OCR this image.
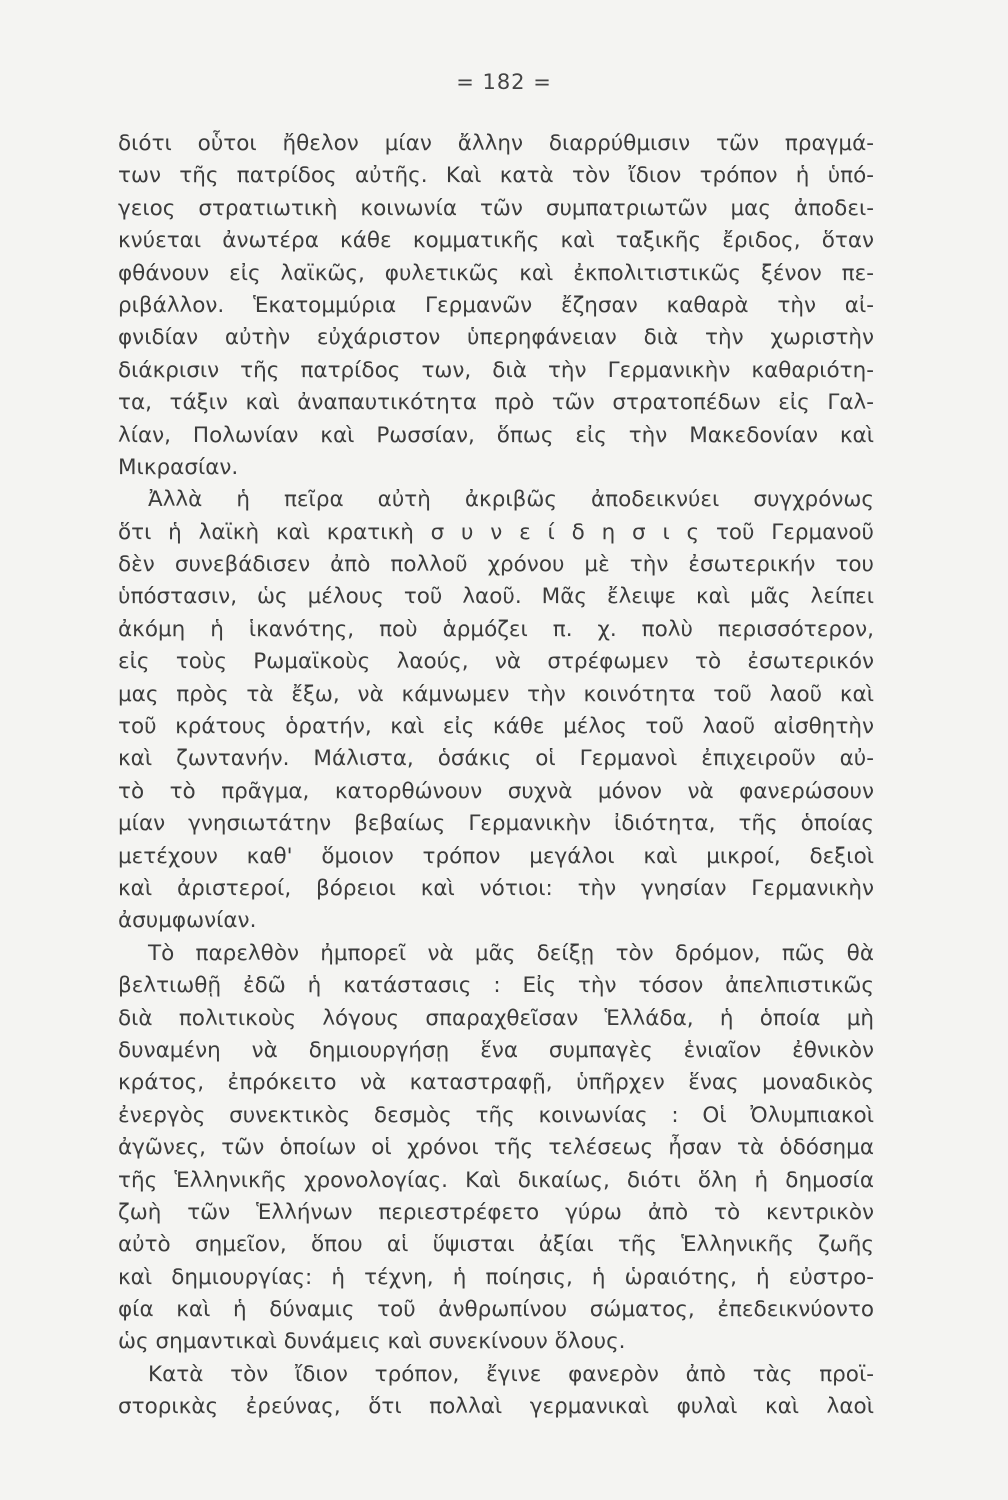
= 182 =
διότι οὗτοι ἤθελον μίαν ἄλλην διαρρύθμισιν τῶν πραγμά-
των τῆς πατρίδος αὐτῆς. Καὶ κατὰ τὸν ἴδιον τρόπον ἡ ὑπό-
γειος στρατιωτικὴ κοινωνία τῶν συμπατριωτῶν μας ἀποδει-
κνύεται ἀνωτέρα κάθε κομματικῆς καὶ ταξικῆς ἔριδος, ὅταν
φθάνουν εἰς λαϊκῶς, φυλετικῶς καὶ ἐκπολιτιστικῶς ξένον πε-
ριβάλλον. Ἑκατομμύρια Γερμανῶν ἔζησαν καθαρὰ τὴν αἰ-
φνιδίαν αὐτὴν εὐχάριστον ὑπερηφάνειαν διὰ τὴν χωριστὴν
διάκρισιν τῆς πατρίδος των, διὰ τὴν Γερμανικὴν καθαριότη-
τα, τάξιν καὶ ἀναπαυτικότητα πρὸ τῶν στρατοπέδων εἰς Γαλ-
λίαν, Πολωνίαν καὶ Ρωσσίαν, ὅπως εἰς τὴν Μακεδονίαν καὶ
Μικρασίαν.
Ἀλλὰ ἡ πεῖρα αὐτὴ ἀκριβῶς ἀποδεικνύει συγχρόνως
ὅτι ἡ λαϊκὴ καὶ κρατικὴ σ υ ν ε ί δ η σ ι ς τοῦ Γερμανοῦ
δὲν συνεβάδισεν ἀπὸ πολλοῦ χρόνου μὲ τὴν ἐσωτερικήν του
ὑπόστασιν, ὡς μέλους τοῦ λαοῦ. Μᾶς ἔλειψε καὶ μᾶς λείπει
ἀκόμη ἡ ἱκανότης, ποὺ ἁρμόζει π. χ. πολὺ περισσότερον,
εἰς τοὺς Ρωμαϊκοὺς λαούς, νὰ στρέφωμεν τὸ ἐσωτερικόν
μας πρὸς τὰ ἔξω, νὰ κάμνωμεν τὴν κοινότητα τοῦ λαοῦ καὶ
τοῦ κράτους ὁρατήν, καὶ εἰς κάθε μέλος τοῦ λαοῦ αἰσθητὴν
καὶ ζωντανήν. Μάλιστα, ὁσάκις οἱ Γερμανοὶ ἐπιχειροῦν αὐ-
τὸ τὸ πρᾶγμα, κατορθώνουν συχνὰ μόνον νὰ φανερώσουν
μίαν γνησιωτάτην βεβαίως Γερμανικὴν ἰδιότητα, τῆς ὁποίας
μετέχουν καθ' ὅμοιον τρόπον μεγάλοι καὶ μικροί, δεξιοὶ
καὶ ἀριστεροί, βόρειοι καὶ νότιοι: τὴν γνησίαν Γερμανικὴν
ἀσυμφωνίαν.
Τὸ παρελθὸν ἠμπορεῖ νὰ μᾶς δείξῃ τὸν δρόμον, πῶς θὰ
βελτιωθῇ ἐδῶ ἡ κατάστασις : Εἰς τὴν τόσον ἀπελπιστικῶς
διὰ πολιτικοὺς λόγους σπαραχθεῖσαν Ἑλλάδα, ἡ ὁποία μὴ
δυναμένη νὰ δημιουργήσῃ ἕνα συμπαγὲς ἑνιαῖον ἐθνικὸν
κράτος, ἐπρόκειτο νὰ καταστραφῇ, ὑπῆρχεν ἕνας μοναδικὸς
ἐνεργὸς συνεκτικὸς δεσμὸς τῆς κοινωνίας : Οἱ Ὀλυμπιακοὶ
ἀγῶνες, τῶν ὁποίων οἱ χρόνοι τῆς τελέσεως ἦσαν τὰ ὁδόσημα
τῆς Ἑλληνικῆς χρονολογίας. Καὶ δικαίως, διότι ὅλη ἡ δημοσία
ζωὴ τῶν Ἑλλήνων περιεστρέφετο γύρω ἀπὸ τὸ κεντρικὸν
αὐτὸ σημεῖον, ὅπου αἱ ὕψισται ἀξίαι τῆς Ἑλληνικῆς ζωῆς
καὶ δημιουργίας: ἡ τέχνη, ἡ ποίησις, ἡ ὡραιότης, ἡ εὐστρο-
φία καὶ ἡ δύναμις τοῦ ἀνθρωπίνου σώματος, ἐπεδεικνύοντο
ὡς σημαντικαὶ δυνάμεις καὶ συνεκίνουν ὅλους.
Κατὰ τὸν ἴδιον τρόπον, ἔγινε φανερὸν ἀπὸ τὰς προϊ-
στορικὰς ἐρεύνας, ὅτι πολλαὶ γερμανικαὶ φυλαὶ καὶ λαοὶ
